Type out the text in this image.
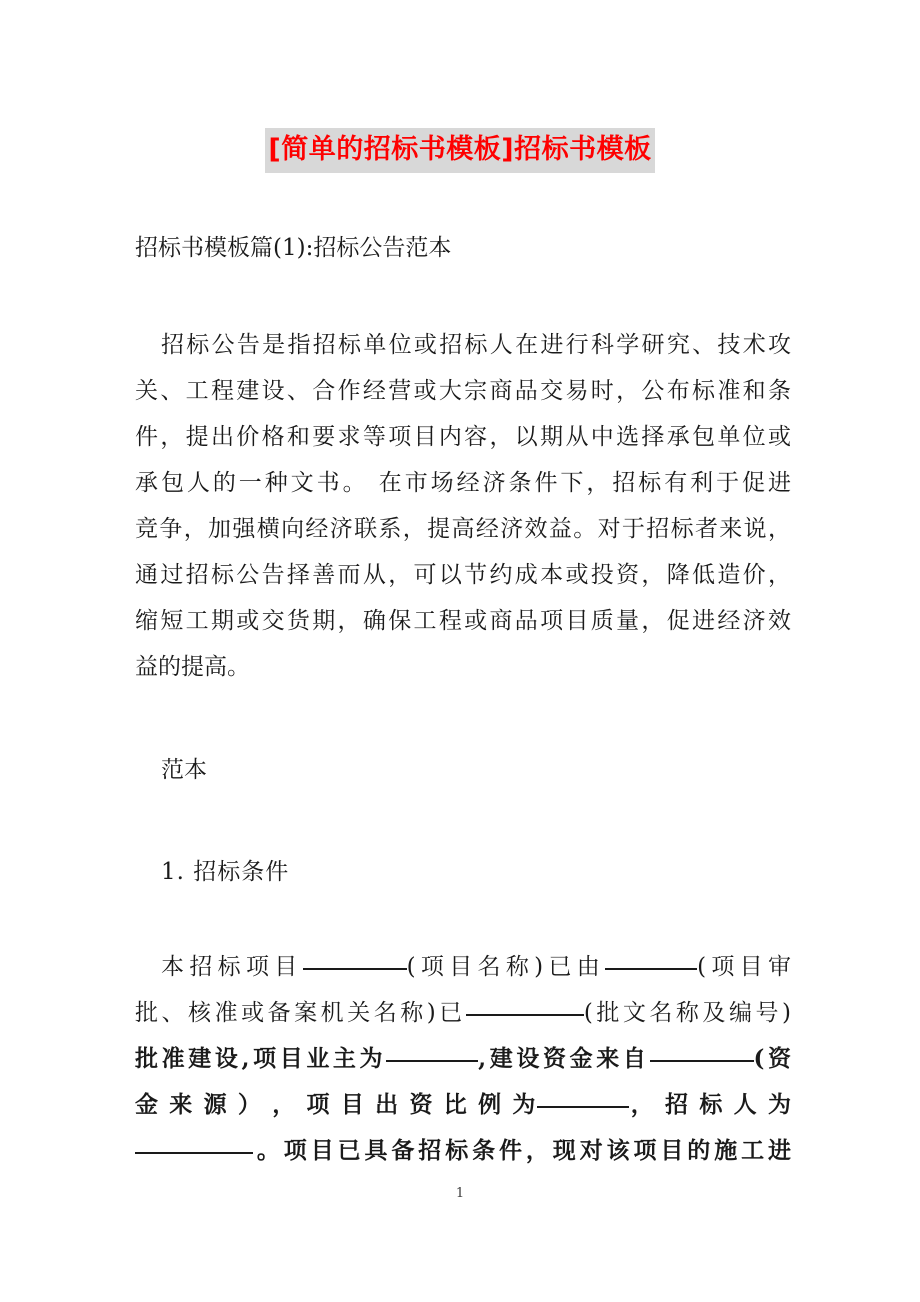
[简单的招标书模板]招标书模板
招标书模板篇(1):招标公告范本
招标公告是指招标单位或招标人在进行科学研究、技术攻
关、工程建设、合作经营或大宗商品交易时，公布标准和条
件，提出价格和要求等项目内容，以期从中选择承包单位或
承包人的一种文书。 在市场经济条件下，招标有利于促进
竞争，加强横向经济联系，提高经济效益。对于招标者来说，
通过招标公告择善而从，可以节约成本或投资，降低造价，
缩短工期或交货期，确保工程或商品项目质量，促进经济效
益的提高。
范本
1. 招标条件
本招标项目	(项目名称)已由	(项目审
批、核准或备案机关名称)已	(批文名称及编号)
批准建设,项目业主为	,建设资金来自	(资
金 来 源 ） ， 项 目 出 资 比 例 为	， 招 标 人 为
。项目已具备招标条件，现对该项目的施工进
1
